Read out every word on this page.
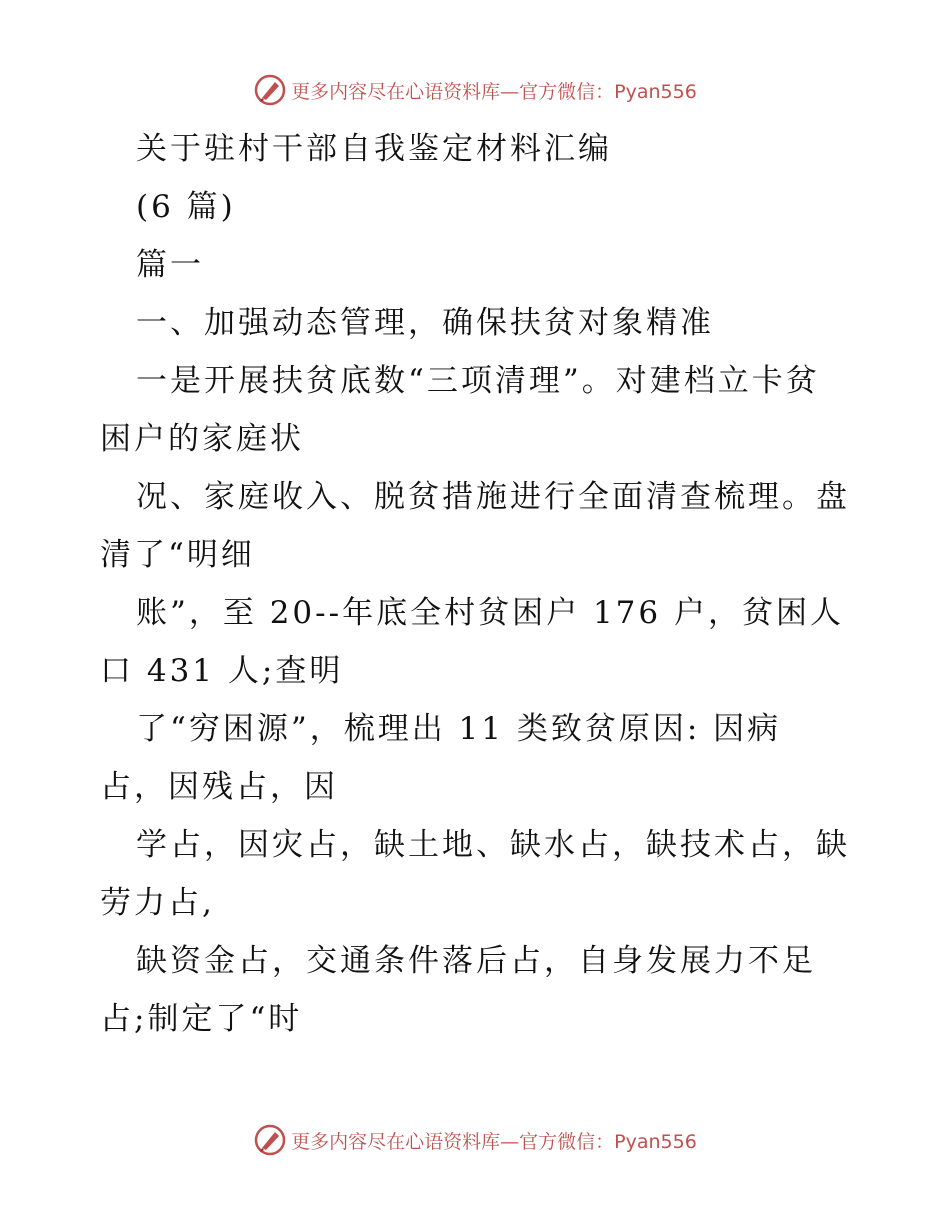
更多内容尽在心语资料库—官方微信：Pyan556
关于驻村干部自我鉴定材料汇编
(6 篇)
篇一
一、加强动态管理，确保扶贫对象精准
一是开展扶贫底数“三项清理”。对建档立卡贫
困户的家庭状
况、家庭收入、脱贫措施进行全面清查梳理。盘
清了“明细
账”，至 20--年底全村贫困户 176 户，贫困人
口 431 人;查明
了“穷困源”，梳理出 11 类致贫原因: 因病
占，因残占，因
学占，因灾占，缺土地、缺水占，缺技术占，缺
劳力占,
缺资金占，交通条件落后占，自身发展力不足
占;制定了“时
更多内容尽在心语资料库—官方微信：Pyan556
